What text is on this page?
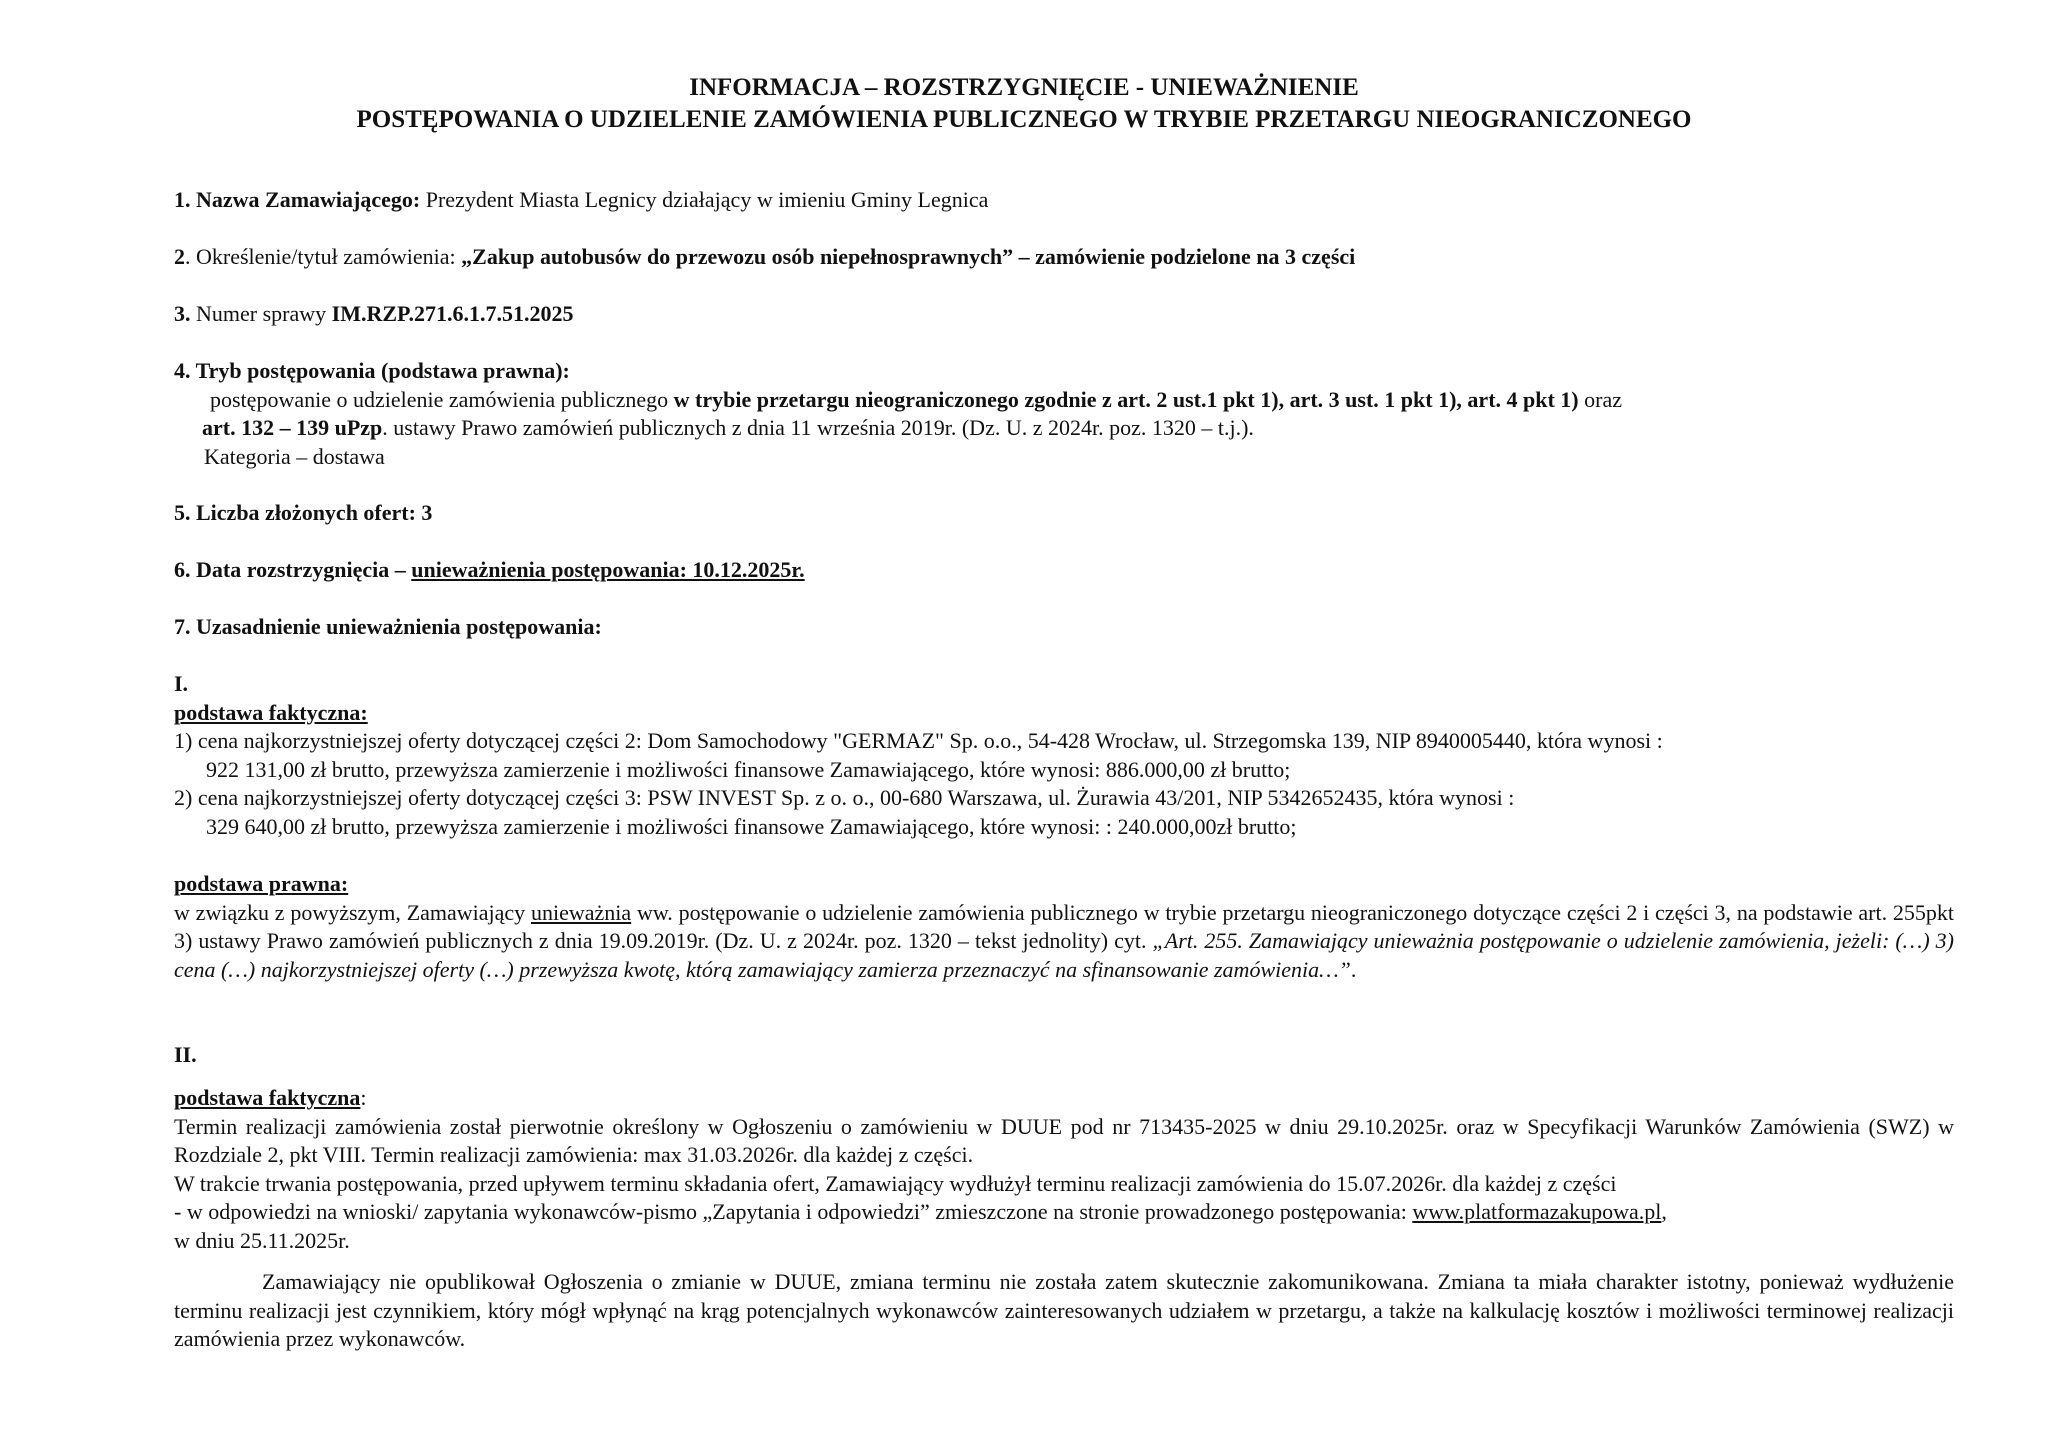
INFORMACJA – ROZSTRZYGNIĘCIE - UNIEWAŻNIENIE
POSTĘPOWANIA O UDZIELENIE ZAMÓWIENIA PUBLICZNEGO W TRYBIE PRZETARGU NIEOGRANICZONEGO
1. Nazwa Zamawiającego: Prezydent Miasta Legnicy działający w imieniu Gminy Legnica
2. Określenie/tytuł zamówienia: „Zakup autobusów do przewozu osób niepełnosprawnych” – zamówienie podzielone na 3 części
3. Numer sprawy IM.RZP.271.6.1.7.51.2025

4. Tryb postępowania (podstawa prawna):

postępowanie o udzielenie zamówienia publicznego w trybie przetargu nieograniczonego zgodnie z art. 2 ust.1 pkt 1), art. 3 ust. 1 pkt 1), art. 4 pkt 1) oraz

art. 132 – 139 uPzp. ustawy Prawo zamówień publicznych z dnia 11 września 2019r. (Dz. U. z 2024r. poz. 1320 – t.j.).

Kategoria – dostawa

5. Liczba złożonych ofert: 3
6. Data rozstrzygnięcia – unieważnienia postępowania: 10.12.2025r.
7. Uzasadnienie unieważnienia postępowania:

I.

podstawa faktyczna:

1) cena najkorzystniejszej oferty dotyczącej części 2: Dom Samochodowy "GERMAZ" Sp. o.o., 54-428 Wrocław, ul. Strzegomska 139, NIP 8940005440, która wynosi :

922 131,00 zł brutto, przewyższa zamierzenie i możliwości finansowe Zamawiającego, które wynosi: 886.000,00 zł brutto;

2) cena najkorzystniejszej oferty dotyczącej części 3: PSW INVEST Sp. z o. o., 00-680 Warszawa, ul. Żurawia 43/201, NIP 5342652435, która wynosi :

329 640,00 zł brutto, przewyższa zamierzenie i możliwości finansowe Zamawiającego, które wynosi: : 240.000,00zł brutto;

podstawa prawna:

w związku z powyższym, Zamawiający unieważnia ww. postępowanie o udzielenie zamówienia publicznego w trybie przetargu nieograniczonego dotyczące części 2 i części 3, na podstawie art. 255pkt 3) ustawy Prawo zamówień publicznych z dnia 19.09.2019r. (Dz. U. z 2024r. poz. 1320 – tekst jednolity) cyt. „Art. 255. Zamawiający unieważnia postępowanie o udzielenie zamówienia, jeżeli: (…) 3) cena (…) najkorzystniejszej oferty (…) przewyższa kwotę, którą zamawiający zamierza przeznaczyć na sfinansowanie zamówienia…”.

II.

podstawa faktyczna:

Termin realizacji zamówienia został pierwotnie określony w Ogłoszeniu o zamówieniu w DUUE pod nr 713435-2025 w dniu 29.10.2025r. oraz w Specyfikacji Warunków Zamówienia (SWZ) w Rozdziale 2, pkt VIII. Termin realizacji zamówienia: max 31.03.2026r. dla każdej z części.

W trakcie trwania postępowania, przed upływem terminu składania ofert, Zamawiający wydłużył terminu realizacji zamówienia do 15.07.2026r. dla każdej z części

- w odpowiedzi na wnioski/ zapytania wykonawców-pismo „Zapytania i odpowiedzi” zmieszczone na stronie prowadzonego postępowania: www.platformazakupowa.pl,

w dniu 25.11.2025r.

Zamawiający nie opublikował Ogłoszenia o zmianie w DUUE, zmiana terminu nie została zatem skutecznie zakomunikowana. Zmiana ta miała charakter istotny, ponieważ wydłużenie terminu realizacji jest czynnikiem, który mógł wpłynąć na krąg potencjalnych wykonawców zainteresowanych udziałem w przetargu, a także na kalkulację kosztów i możliwości terminowej realizacji zamówienia przez wykonawców.
